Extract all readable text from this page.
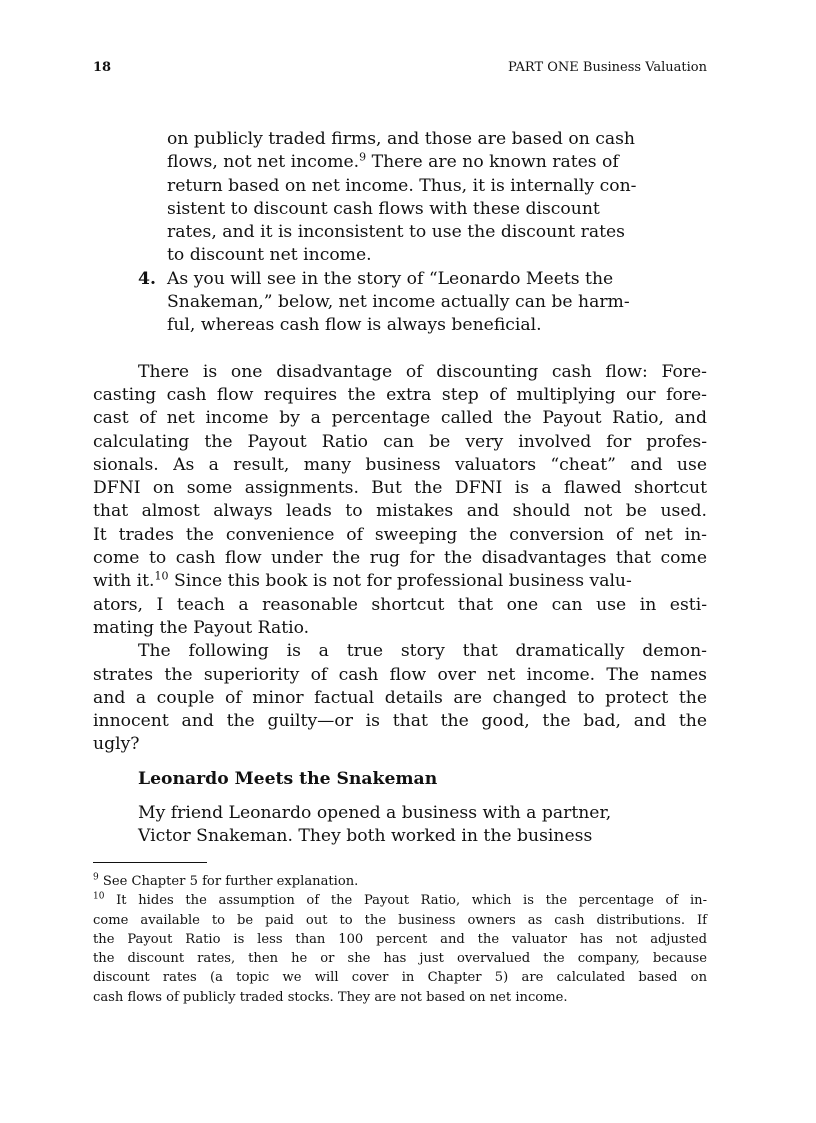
18	PART ONE Business Valuation
on publicly traded firms, and those are based on cash
flows, not net income.$^9$ There are no known rates of
return based on net income. Thus, it is internally con-
sistent to discount cash flows with these discount
rates, and it is inconsistent to use the discount rates
to discount net income.
4. As you will see in the story of “Leonardo Meets the
Snakeman,” below, net income actually can be harm-
ful, whereas cash flow is always beneficial.
There is one disadvantage of discounting cash flow: Fore-
casting cash flow requires the extra step of multiplying our fore-
cast of net income by a percentage called the Payout Ratio, and
calculating the Payout Ratio can be very involved for profes-
sionals. As a result, many business valuators “cheat” and use
DFNI on some assignments. But the DFNI is a flawed shortcut
that almost always leads to mistakes and should not be used.
It trades the convenience of sweeping the conversion of net in-
come to cash flow under the rug for the disadvantages that come
with it.$^{10}$ Since this book is not for professional business valu-
ators, I teach a reasonable shortcut that one can use in esti-
mating the Payout Ratio.
The following is a true story that dramatically demon-
strates the superiority of cash flow over net income. The names
and a couple of minor factual details are changed to protect the
innocent and the guilty—or is that the good, the bad, and the
ugly?
Leonardo Meets the Snakeman
My friend Leonardo opened a business with a partner,
Victor Snakeman. They both worked in the business
$^9$ See Chapter 5 for further explanation.
$^{10}$ It hides the assumption of the Payout Ratio, which is the percentage of in-
come available to be paid out to the business owners as cash distributions. If
the Payout Ratio is less than 100 percent and the valuator has not adjusted
the discount rates, then he or she has just overvalued the company, because
discount rates (a topic we will cover in Chapter 5) are calculated based on
cash flows of publicly traded stocks. They are not based on net income.
